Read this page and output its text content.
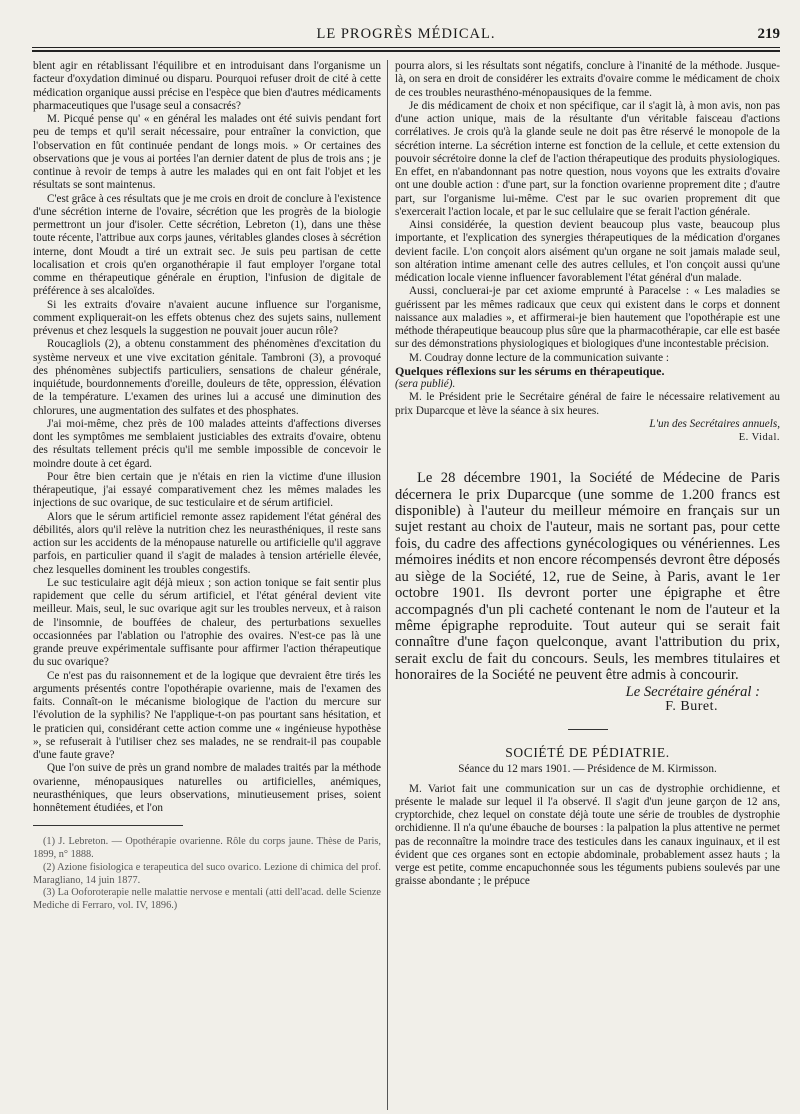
LE PROGRÈS MÉDICAL.	219

blent agir en rétablissant l'équilibre et en introduisant dans l'organisme un facteur d'oxydation diminué ou disparu. Pourquoi refuser droit de cité à cette médication organique aussi précise en l'espèce que bien d'autres médicaments pharmaceutiques que l'usage seul a consacrés?

M. Picqué pense qu' « en général les malades ont été suivis pendant fort peu de temps et qu'il serait nécessaire, pour entraîner la conviction, que l'observation en fût continuée pendant de longs mois. » Or certaines des observations que je vous ai portées l'an dernier datent de plus de trois ans ; je continue à revoir de temps à autre les malades qui en ont fait l'objet et les résultats se sont maintenus.

C'est grâce à ces résultats que je me crois en droit de conclure à l'existence d'une sécrétion interne de l'ovaire, sécrétion que les progrès de la biologie permettront un jour d'isoler. Cette sécrétion, Lebreton (1), dans une thèse toute récente, l'attribue aux corps jaunes, véritables glandes closes à sécrétion interne, dont Moudt a tiré un extrait sec. Je suis peu partisan de cette localisation et crois qu'en organothérapie il faut employer l'organe total comme en thérapeutique générale en éruption, l'infusion de digitale de préférence à ses alcaloïdes.

Si les extraits d'ovaire n'avaient aucune influence sur l'organisme, comment expliquerait-on les effets obtenus chez des sujets sains, nullement prévenus et chez lesquels la suggestion ne pouvait jouer aucun rôle?

Roucagliols (2), a obtenu constamment des phénomènes d'excitation du système nerveux et une vive excitation génitale. Tambroni (3), a provoqué des phénomènes subjectifs particuliers, sensations de chaleur générale, inquiétude, bourdonnements d'oreille, douleurs de tête, oppression, élévation de la température. L'examen des urines lui a accusé une diminution des chlorures, une augmentation des sulfates et des phosphates.

J'ai moi-même, chez près de 100 malades atteints d'affections diverses dont les symptômes me semblaient justiciables des extraits d'ovaire, obtenu des résultats tellement précis qu'il me semble impossible de concevoir le moindre doute à cet égard.

Pour être bien certain que je n'étais en rien la victime d'une illusion thérapeutique, j'ai essayé comparativement chez les mêmes malades les injections de suc ovarique, de suc testiculaire et de sérum artificiel.

Alors que le sérum artificiel remonte assez rapidement l'état général des débilités, alors qu'il relève la nutrition chez les neurasthéniques, il reste sans action sur les accidents de la ménopause naturelle ou artificielle qu'il aggrave parfois, en particulier quand il s'agit de malades à tension artérielle élevée, chez lesquelles dominent les troubles congestifs.

Le suc testiculaire agit déjà mieux ; son action tonique se fait sentir plus rapidement que celle du sérum artificiel, et l'état général devient vite meilleur. Mais, seul, le suc ovarique agit sur les troubles nerveux, et à raison de l'insomnie, de bouffées de chaleur, des perturbations sexuelles occasionnées par l'ablation ou l'atrophie des ovaires. N'est-ce pas là une grande preuve expérimentale suffisante pour affirmer l'action thérapeutique du suc ovarique?

Ce n'est pas du raisonnement et de la logique que devraient être tirés les arguments présentés contre l'opothérapie ovarienne, mais de l'examen des faits. Connaît-on le mécanisme biologique de l'action du mercure sur l'évolution de la syphilis? Ne l'applique-t-on pas pourtant sans hésitation, et le praticien qui, considérant cette action comme une « ingénieuse hypothèse », se refuserait à l'utiliser chez ses malades, ne se rendrait-il pas coupable d'une faute grave?

Que l'on suive de près un grand nombre de malades traités par la méthode ovarienne, ménopausiques naturelles ou artificielles, anémiques, neurasthéniques, que leurs observations, minutieusement prises, soient honnêtement étudiées, et l'on

(1) J. Lebreton. — Opothérapie ovarienne. Rôle du corps jaune. Thèse de Paris, 1899, n° 1888.

(2) Azione fisiologica e terapeutica del suco ovarico. Lezione di chimica del prof. Maragliano, 14 juin 1877.

(3) La Ooforoterapie nelle malattie nervose e mentali (atti dell'acad. delle Scienze Mediche di Ferraro, vol. IV, 1896.)

pourra alors, si les résultats sont négatifs, conclure à l'inanité de la méthode. Jusque-là, on sera en droit de considérer les extraits d'ovaire comme le médicament de choix de ces troubles neurasthéno-ménopausiques de la femme.

Je dis médicament de choix et non spécifique, car il s'agit là, à mon avis, non pas d'une action unique, mais de la résultante d'un véritable faisceau d'actions corrélatives. Je crois qu'à la glande seule ne doit pas être réservé le monopole de la sécrétion interne. La sécrétion interne est fonction de la cellule, et cette extension du pouvoir sécrétoire donne la clef de l'action thérapeutique des produits physiologiques. En effet, en n'abandonnant pas notre question, nous voyons que les extraits d'ovaire ont une double action : d'une part, sur la fonction ovarienne proprement dite ; d'autre part, sur l'organisme lui-même. C'est par le suc ovarien proprement dit que s'exercerait l'action locale, et par le suc cellulaire que se ferait l'action générale.

Ainsi considérée, la question devient beaucoup plus vaste, beaucoup plus importante, et l'explication des synergies thérapeutiques de la médication d'organes devient facile. L'on conçoit alors aisément qu'un organe ne soit jamais malade seul, son altération intime amenant celle des autres cellules, et l'on conçoit aussi qu'une médication locale vienne influencer favorablement l'état général d'un malade.

Aussi, concluerai-je par cet axiome emprunté à Paracelse : « Les maladies se guérissent par les mêmes radicaux que ceux qui existent dans le corps et donnent naissance aux maladies », et affirmerai-je bien hautement que l'opothérapie est une méthode thérapeutique beaucoup plus sûre que la pharmacothérapie, car elle est basée sur des démonstrations physiologiques et biologiques d'une incontestable précision.

M. Coudray donne lecture de la communication suivante :

Quelques réflexions sur les sérums en thérapeutique.

(sera publié).

M. le Président prie le Secrétaire général de faire le nécessaire relativement au prix Duparcque et lève la séance à six heures.

L'un des Secrétaires annuels,

E. Vidal.

Le 28 décembre 1901, la Société de Médecine de Paris décernera le prix Duparcque (une somme de 1.200 francs est disponible) à l'auteur du meilleur mémoire en français sur un sujet restant au choix de l'auteur, mais ne sortant pas, pour cette fois, du cadre des affections gynécologiques ou vénériennes. Les mémoires inédits et non encore récompensés devront être déposés au siège de la Société, 12, rue de Seine, à Paris, avant le 1er octobre 1901. Ils devront porter une épigraphe et être accompagnés d'un pli cacheté contenant le nom de l'auteur et la même épigraphe reproduite. Tout auteur qui se serait fait connaître d'une façon quelconque, avant l'attribution du prix, serait exclu de fait du concours. Seuls, les membres titulaires et honoraires de la Société ne peuvent être admis à concourir.

Le Secrétaire général :
F. Buret.
SOCIÉTÉ DE PÉDIATRIE.
Séance du 12 mars 1901. — Présidence de M. Kirmisson.

M. Variot fait une communication sur un cas de dystrophie orchidienne, et présente le malade sur lequel il l'a observé. Il s'agit d'un jeune garçon de 12 ans, cryptorchide, chez lequel on constate déjà toute une série de troubles de dystrophie orchidienne. Il n'a qu'une ébauche de bourses : la palpation la plus attentive ne permet pas de reconnaître la moindre trace des testicules dans les canaux inguinaux, et il est évident que ces organes sont en ectopie abdominale, probablement assez hauts ; la verge est petite, comme encapuchonnée sous les téguments pubiens soulevés par une graisse abondante ; le prépuce
